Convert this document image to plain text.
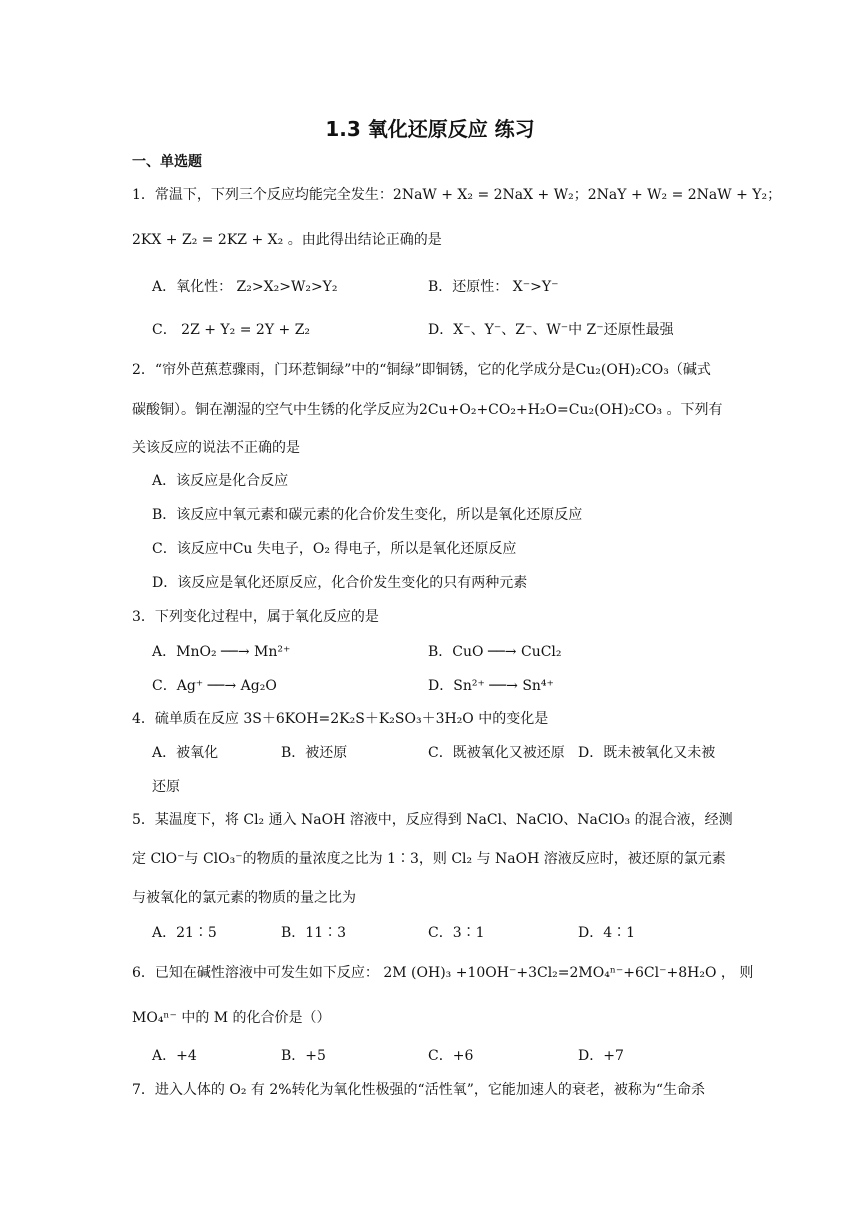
1.3 氧化还原反应 练习
一、单选题
1．常温下，下列三个反应均能完全发生：2NaW + X₂ = 2NaX + W₂；2NaY + W₂ = 2NaW + Y₂；
2KX + Z₂ = 2KZ + X₂ 。由此得出结论正确的是
A．氧化性： Z₂>X₂>W₂>Y₂	B．还原性： X⁻>Y⁻
C． 2Z + Y₂ = 2Y + Z₂	D．X⁻、Y⁻、Z⁻、W⁻中 Z⁻还原性最强
2．“帘外芭蕉惹骤雨，门环惹铜绿”中的“铜绿”即铜锈，它的化学成分是Cu₂(OH)₂CO₃（碱式
碳酸铜）。铜在潮湿的空气中生锈的化学反应为2Cu+O₂+CO₂+H₂O=Cu₂(OH)₂CO₃ 。下列有
关该反应的说法不正确的是
A．该反应是化合反应
B．该反应中氧元素和碳元素的化合价发生变化，所以是氧化还原反应
C．该反应中Cu 失电子，O₂ 得电子，所以是氧化还原反应
D．该反应是氧化还原反应，化合价发生变化的只有两种元素
3．下列变化过程中，属于氧化反应的是
A．MnO₂ ──→ Mn²⁺	B．CuO ──→ CuCl₂
C．Ag⁺ ──→ Ag₂O	D．Sn²⁺ ──→ Sn⁴⁺
4．硫单质在反应 3S＋6KOH=2K₂S＋K₂SO₃＋3H₂O 中的变化是
A．被氧化	B．被还原	C．既被氧化又被还原 D．既未被氧化又未被
还原
5．某温度下，将 Cl₂ 通入 NaOH 溶液中，反应得到 NaCl、NaClO、NaClO₃ 的混合液，经测
定 ClO⁻与 ClO₃⁻的物质的量浓度之比为 1∶3，则 Cl₂ 与 NaOH 溶液反应时，被还原的氯元素
与被氧化的氯元素的物质的量之比为
A．21∶5	B．11∶3	C．3∶1	D．4∶1
6．已知在碱性溶液中可发生如下反应： 2M (OH)₃ +10OH⁻+3Cl₂=2MO₄ⁿ⁻+6Cl⁻+8H₂O ， 则
MO₄ⁿ⁻ 中的 M 的化合价是（）
A．+4	B．+5	C．+6	D．+7
7．进入人体的 O₂ 有 2%转化为氧化性极强的“活性氧”，它能加速人的衰老，被称为“生命杀
